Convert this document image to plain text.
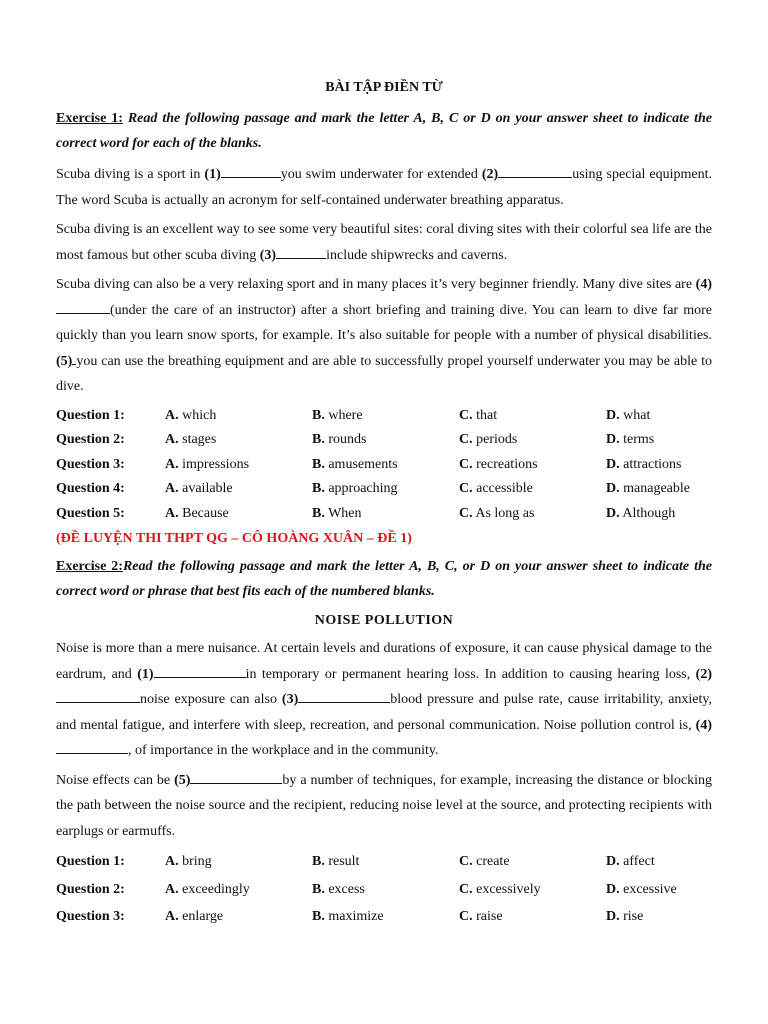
BÀI TẬP ĐIỀN TỪ

Exercise 1: Read the following passage and mark the letter A, B, C or D on your answer sheet to indicate the correct word for each of the blanks.

Scuba diving is a sport in (1)	you swim underwater for extended (2)	using special equipment. The word Scuba is actually an acronym for self-contained underwater breathing apparatus.

Scuba diving is an excellent way to see some very beautiful sites: coral diving sites with their colorful sea life are the most famous but other scuba diving (3)	include shipwrecks and caverns.

Scuba diving can also be a very relaxing sport and in many places it’s very beginner friendly. Many dive sites are (4)(under the care of an instructor) after a short briefing and training dive. You can learn to dive far more quickly than you learn snow sports, for example. It’s also suitable for people with a number of physical disabilities. (5) you can use the breathing equipment and are able to successfully propel yourself underwater you may be able to dive.

Question 1:	A. which	B. where	C. that	D. what
Question 2:	A. stages	B. rounds	C. periods	D. terms
Question 3:	A. impressions	B. amusements	C. recreations	D. attractions
Question 4:	A. available	B. approaching	C. accessible	D. manageable
Question 5:	A. Because	B. When	C. As long as	D. Although
(ĐỀ LUYỆN THI THPT QG – CÔ HOÀNG XUÂN – ĐỀ 1)

Exercise 2:Read the following passage and mark the letter A, B, C, or D on your answer sheet to indicate the correct word or phrase that best fits each of the numbered blanks.

NOISE POLLUTION

Noise is more than a mere nuisance. At certain levels and durations of exposure, it can cause physical damage to the eardrum, and (1)	in temporary or permanent hearing loss. In addition to causing hearing loss, (2)noise exposure can also (3)	blood pressure and pulse rate, cause irritability, anxiety, and mental fatigue, and interfere with sleep, recreation, and personal communication. Noise pollution control is, (4), of importance in the workplace and in the community.

Noise effects can be (5)	by a number of techniques, for example, increasing the distance or blocking the path between the noise source and the recipient, reducing noise level at the source, and protecting recipients with earplugs or earmuffs.

Question 1:	A. bring	B. result	C. create	D. affect
Question 2:	A. exceedingly	B. excess	C. excessively	D. excessive
Question 3:	A. enlarge	B. maximize	C. raise	D. rise
